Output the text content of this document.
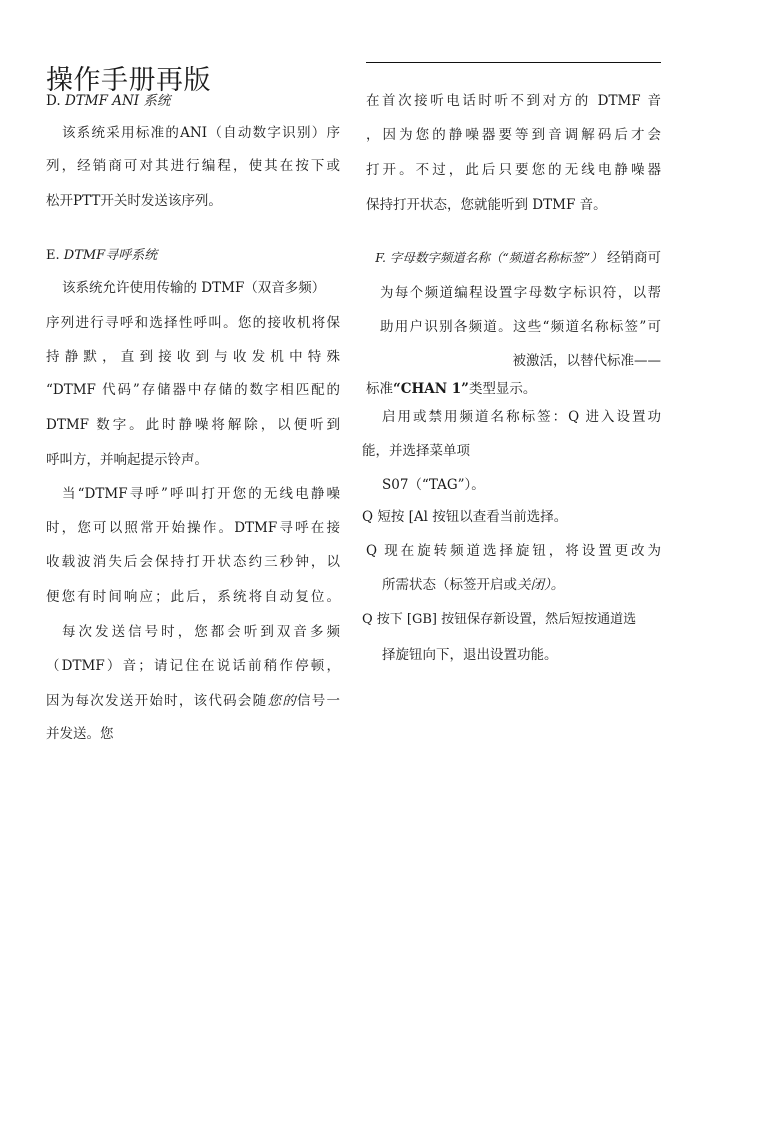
操作手册再版
D. DTMF ANI 系统
该系统采用标准的ANI（自动数字识别）序
列，经销商可对其进行编程，使其在按下或
松开PTT开关时发送该序列。
E. DTMF寻呼系统
该系统允许使用传输的 DTMF（双音多频）
序列进行寻呼和选择性呼叫。您的接收机将保
持静默，直到接收到与收发机中特殊
“DTMF 代码”存储器中存储的数字相匹配的
DTMF 数字。此时静噪将解除，以便听到
呼叫方，并响起提示铃声。
当“DTMF寻呼”呼叫打开您的无线电静噪
时，您可以照常开始操作。DTMF寻呼在接
收载波消失后会保持打开状态约三秒钟，以
便您有时间响应；此后，系统将自动复位。
每次发送信号时，您都会听到双音多频
（DTMF）音；请记住在说话前稍作停顿，
因为每次发送开始时，该代码会随您的信号一
并发送。您
在首次接听电话时听不到对方的 DTMF 音
，因为您的静噪器要等到音调解码后才会
打开。不过，此后只要您的无线电静噪器
保持打开状态，您就能听到 DTMF 音。
F. 字母数字频道名称（“频道名称标签”） 经销商可
为每个频道编程设置字母数字标识符，以帮
助用户识别各频道。这些“频道名称标签”可
被激活，以替代标准——
标准“CHAN 1”类型显示。
启用或禁用频道名称标签：Q 进入设置功
能，并选择菜单项
S07（“TAG”）。
Q 短按 [Al 按钮以查看当前选择。
Q 现在旋转频道选择旋钮，将设置更改为
所需状态（标签开启或关闭）。
Q 按下 [GB] 按钮保存新设置，然后短按通道选
择旋钮向下，退出设置功能。
